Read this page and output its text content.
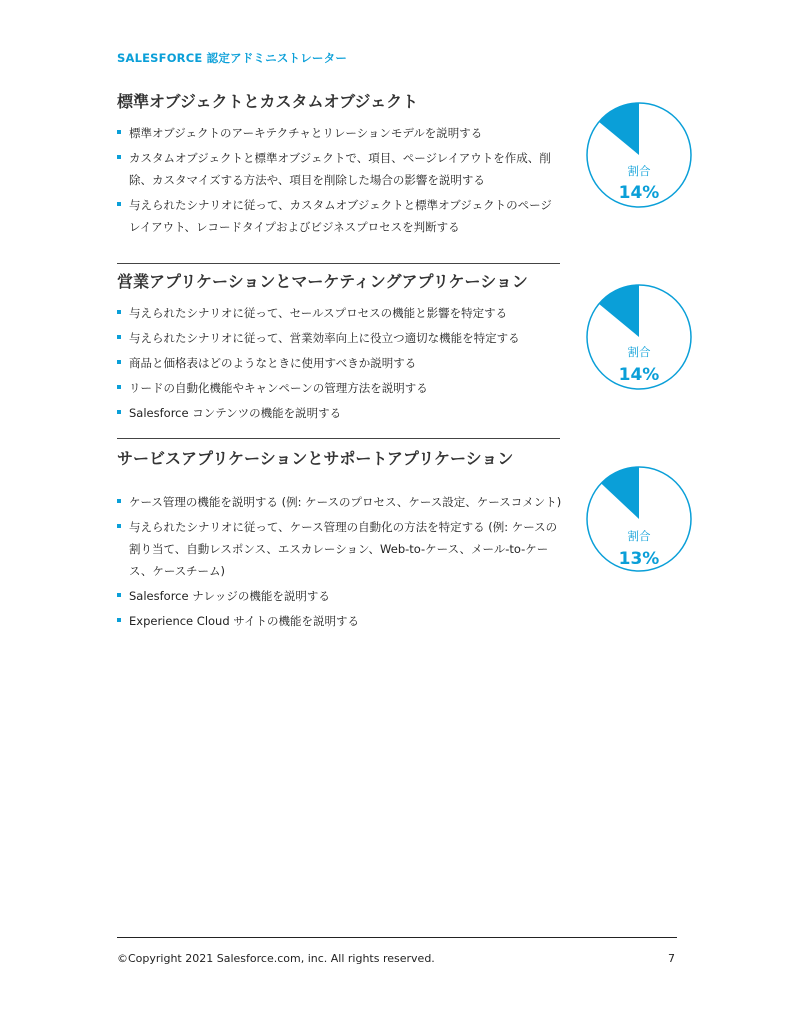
SALESFORCE 認定アドミニストレーター
標準オブジェクトとカスタムオブジェクト
標準オブジェクトのアーキテクチャとリレーションモデルを説明する
カスタムオブジェクトと標準オブジェクトで、項目、ページレイアウトを作成、削除、カスタマイズする方法や、項目を削除した場合の影響を説明する
与えられたシナリオに従って、カスタムオブジェクトと標準オブジェクトのページレイアウト、レコードタイプおよびビジネスプロセスを判断する
割合
14%
営業アプリケーションとマーケティングアプリケーション
与えられたシナリオに従って、セールスプロセスの機能と影響を特定する
与えられたシナリオに従って、営業効率向上に役立つ適切な機能を特定する
商品と価格表はどのようなときに使用すべきか説明する
リードの自動化機能やキャンペーンの管理方法を説明する
Salesforce コンテンツの機能を説明する
割合
14%
サービスアプリケーションとサポートアプリケーション
ケース管理の機能を説明する (例: ケースのプロセス、ケース設定、ケースコメント)
与えられたシナリオに従って、ケース管理の自動化の方法を特定する (例: ケースの割り当て、自動レスポンス、エスカレーション、Web-to-ケース、メール-to-ケース、ケースチーム)
Salesforce ナレッジの機能を説明する
Experience Cloud サイトの機能を説明する
割合
13%
©Copyright 2021 Salesforce.com, inc. All rights reserved.	7
